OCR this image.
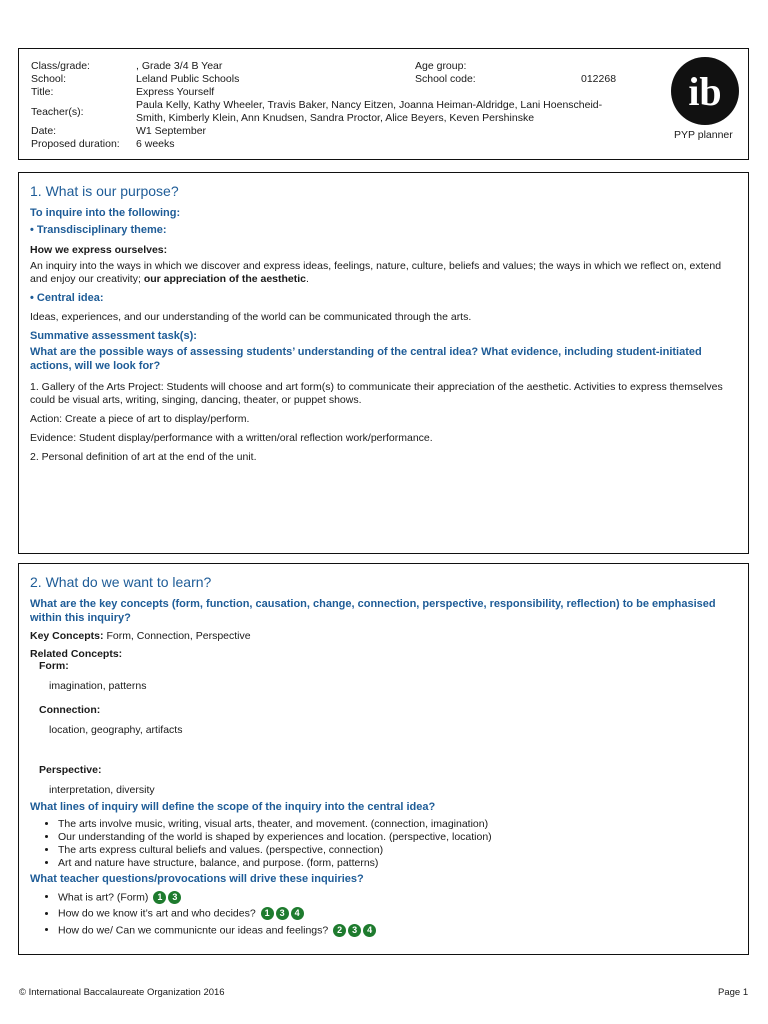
Class/grade:	, Grade 3/4 B Year	Age group:
School:	Leland Public Schools	School code:	012268
Title:	Express Yourself
Teacher(s):
Paula Kelly, Kathy Wheeler, Travis Baker, Nancy Eitzen, Joanna Heiman-Aldridge, Lani Hoenscheid-
Smith, Kimberly Klein, Ann Knudsen, Sandra Proctor, Alice Beyers, Keven Pershinske
Date:	W1 September
Proposed duration: 6 weeks
ib
PYP planner
1. What is our purpose?
To inquire into the following:
• Transdisciplinary theme:
How we express ourselves:

An inquiry into the ways in which we discover and express ideas, feelings, nature, culture, beliefs and values; the ways in which we reflect on, extend and enjoy our creativity; our appreciation of the aesthetic.

• Central idea:

Ideas, experiences, and our understanding of the world can be communicated through the arts.

Summative assessment task(s):
What are the possible ways of assessing students’ understanding of the central idea? What evidence, including student-initiated actions, will we look for?

1. Gallery of the Arts Project: Students will choose and art form(s) to communicate their appreciation of the aesthetic. Activities to express themselves could be visual arts, writing, singing, dancing, theater, or puppet shows.

Action: Create a piece of art to display/perform.

Evidence: Student display/performance with a written/oral reflection work/performance.

2. Personal definition of art at the end of the unit.

2. What do we want to learn?
What are the key concepts (form, function, causation, change, connection, perspective, responsibility, reflection) to be emphasised within this inquiry?

Key Concepts: Form, Connection, Perspective

Related Concepts:
Form:
imagination, patterns
Connection:
location, geography, artifacts
Perspective:
interpretation, diversity
What lines of inquiry will define the scope of the inquiry into the central idea?
• The arts involve music, writing, visual arts, theater, and movement. (connection, imagination)
• Our understanding of the world is shaped by experiences and location. (perspective, location)
• The arts express cultural beliefs and values. (perspective, connection)
• Art and nature have structure, balance, and purpose. (form, patterns)
What teacher questions/provocations will drive these inquiries?
• What is art? (Form) 1 3
• How do we know it’s art and who decides? 1 3 4
• How do we/ Can we communicnte our ideas and feelings? 2 3 4
© International Baccalaureate Organization 2016	Page 1
